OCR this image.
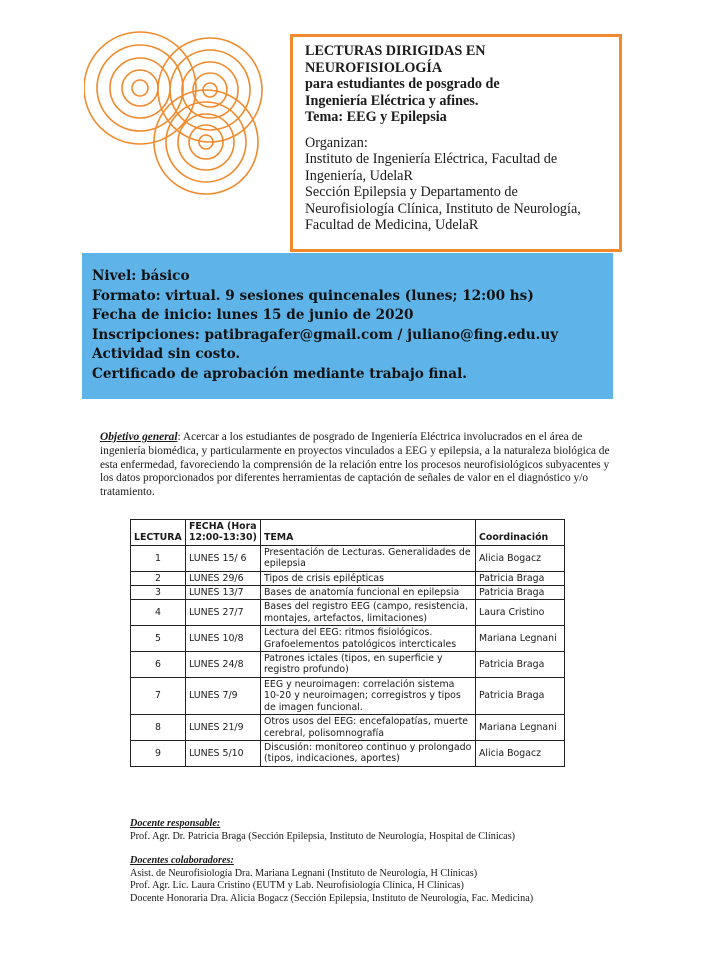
LECTURAS DIRIGIDAS EN
NEUROFISIOLOGÍA
para estudiantes de posgrado de
Ingeniería Eléctrica y afines.
Tema: EEG y Epilepsia
Organizan:
Instituto de Ingeniería Eléctrica, Facultad de
Ingeniería, UdelaR
Sección Epilepsia y Departamento de
Neurofisiología Clínica, Instituto de Neurología,
Facultad de Medicina, UdelaR
Nivel: básico
Formato: virtual. 9 sesiones quincenales (lunes; 12:00 hs)
Fecha de inicio: lunes 15 de junio de 2020
Inscripciones: patibragafer@gmail.com / juliano@fing.edu.uy
Actividad sin costo.
Certificado de aprobación mediante trabajo final.
Objetivo general: Acercar a los estudiantes de posgrado de Ingeniería Eléctrica involucrados en el área de ingeniería biomédica, y particularmente en proyectos vinculados a EEG y epilepsia, a la naturaleza biológica de esta enfermedad, favoreciendo la comprensión de la relación entre los procesos neurofisiológicos subyacentes y los datos proporcionados por diferentes herramientas de captación de señales de valor en el diagnóstico y/o tratamiento.
LECTURA	FECHA (Hora
12:00-13:30)	TEMA	Coordinación
1	LUNES 15/ 6	Presentación de Lecturas. Generalidades de epilepsia	Alicia Bogacz
2	LUNES 29/6	Tipos de crisis epilépticas	Patricia Braga
3	LUNES 13/7	Bases de anatomía funcional en epilepsia	Patricia Braga
4	LUNES 27/7	Bases del registro EEG (campo, resistencia, montajes, artefactos, limitaciones)	Laura Cristino
5	LUNES 10/8	Lectura del EEG: ritmos fisiológicos. Grafoelementos patológicos intercticales	Mariana Legnani
6	LUNES 24/8	Patrones ictales (tipos, en superficie y registro profundo)	Patricia Braga
7	LUNES 7/9	EEG y neuroimagen: correlación sistema 10-20 y neuroimagen; corregistros y tipos de imagen funcional.	Patricia Braga
8	LUNES 21/9	Otros usos del EEG: encefalopatías, muerte cerebral, polisomnografía	Mariana Legnani
9	LUNES 5/10	Discusión: monitoreo continuo y prolongado (tipos, indicaciones, aportes)	Alicia Bogacz
Docente responsable:
Prof. Agr. Dr. Patricia Braga (Sección Epilepsia, Instituto de Neurología, Hospital de Clínicas)
Docentes colaboradores:
Asist. de Neurofisiología Dra. Mariana Legnani (Instituto de Neurología, H Clínicas)
Prof. Agr. Lic. Laura Cristino (EUTM y Lab. Neurofisiología Clínica, H Clínicas)
Docente Honoraria Dra. Alicia Bogacz (Sección Epilepsia, Instituto de Neurología, Fac. Medicina)
